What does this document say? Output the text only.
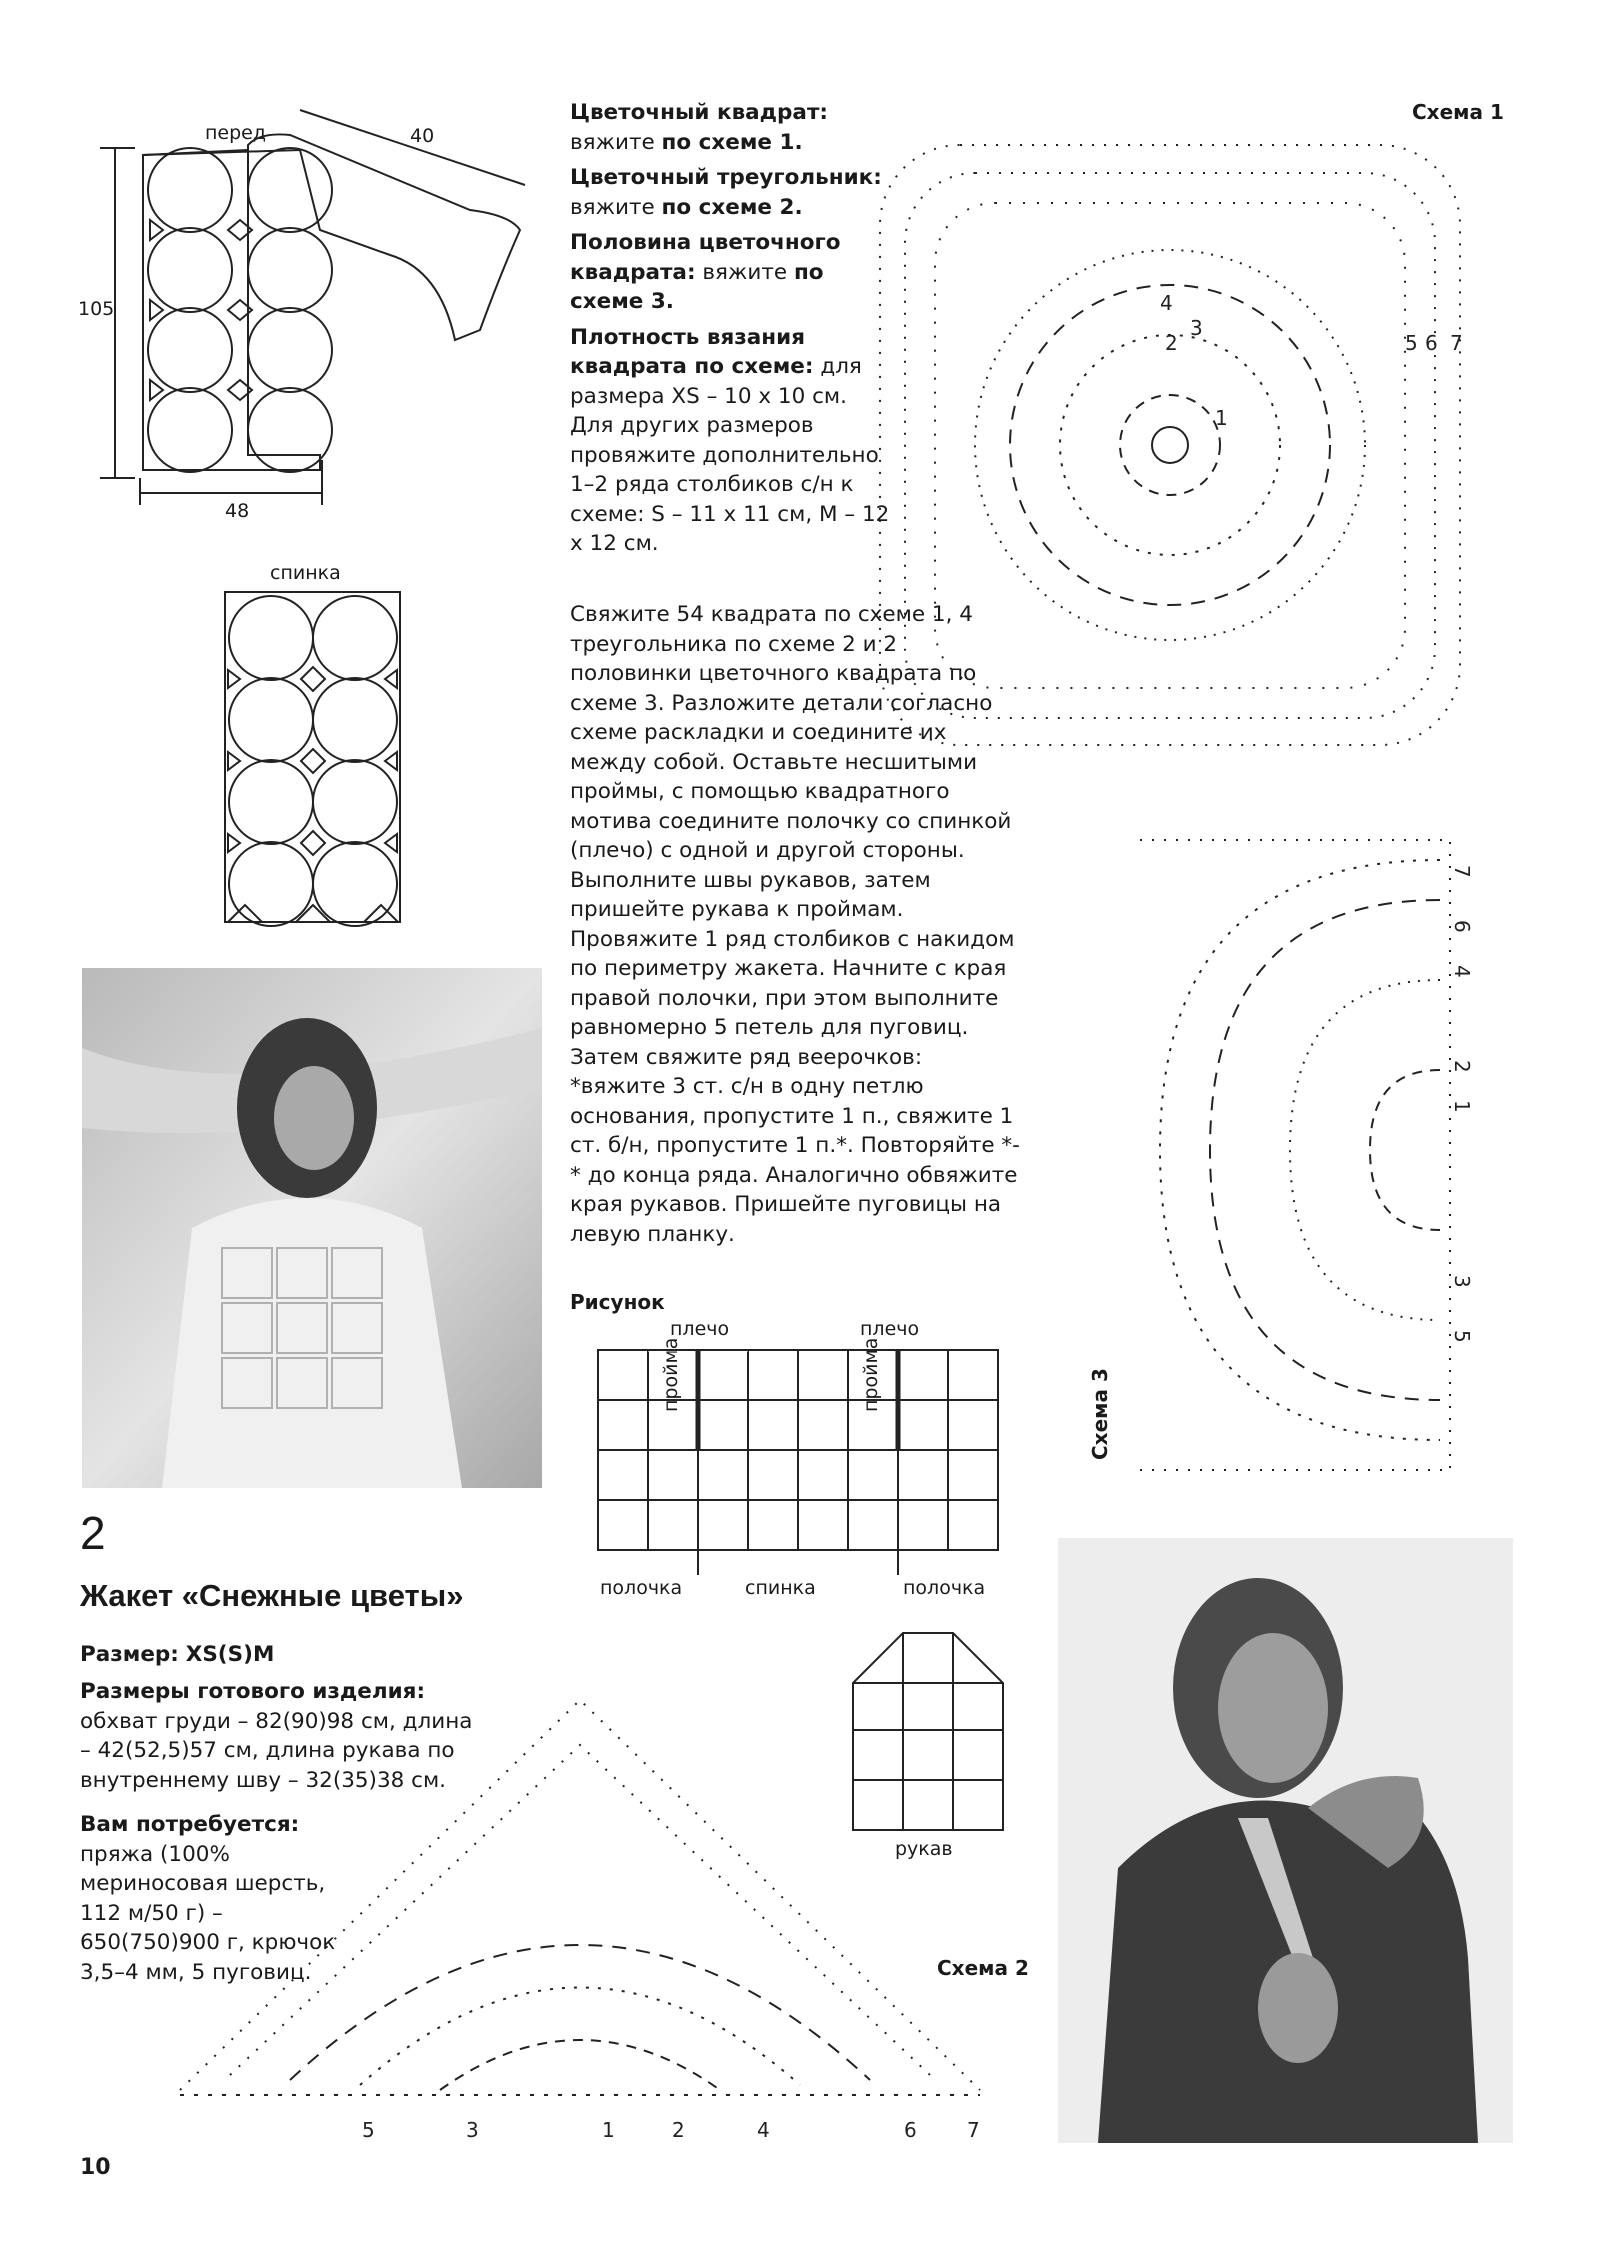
перед	40
105
48
спинка
2
Жакет «Снежные цветы»
Размер: XS(S)M
Размеры готового изделия: обхват груди – 82(90)98 см, длина – 42(52,5)57 см, длина рукава по внутреннему шву – 32(35)38 см.
Вам потребуется: пряжа (100% мериносовая шерсть, 112 м/50 г) – 650(750)900 г, крючок 3,5–4 мм, 5 пуговиц.
Цветочный квадрат: вяжите по схеме 1.
Цветочный треугольник: вяжите по схеме 2.
Половина цветочного квадрата: вяжите по схеме 3.
Плотность вязания квадрата по схеме: для размера XS – 10 x 10 см. Для других размеров провяжите дополнительно 1–2 ряда столбиков с/н к схеме: S – 11 x 11 см, M – 12 x 12 см.
Свяжите 54 квадрата по схеме 1, 4 треугольника по схеме 2 и 2 половинки цветочного квадрата по схеме 3. Разложите детали согласно схеме раскладки и соедините их между собой. Оставьте несшитыми проймы, с помощью квадратного мотива соедините полочку со спинкой (плечо) с одной и другой стороны. Выполните швы рукавов, затем пришейте рукава к проймам. Провяжите 1 ряд столбиков с накидом по периметру жакета. Начните с края правой полочки, при этом выполните равномерно 5 петель для пуговиц. Затем свяжите ряд веерочков: *вяжите 3 ст. с/н в одну петлю основания, пропустите 1 п., свяжите 1 ст. б/н, пропустите 1 п.*. Повторяйте *-* до конца ряда. Аналогично обвяжите края рукавов. Пришейте пуговицы на левую планку.
Рисунок
плечо	плечо
пройма	пройма
полочка	спинка	полочка
рукав
Схема 1
4
3
2
1
5 6 7
Схема 3
7
6
4
2
1
3
5
Схема 2
5	3	1	2	4	6	7
10
